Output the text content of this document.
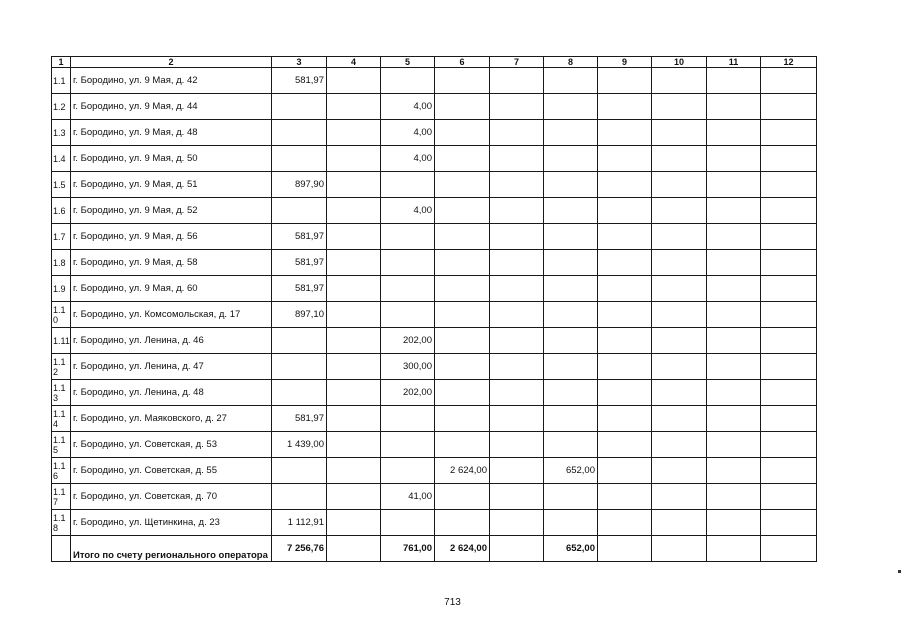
1	2	3	4	5	6	7	8	9	10	11	12
1.1	г. Бородино, ул. 9 Мая, д. 42	581,97									
1.2	г. Бородино, ул. 9 Мая, д. 44			4,00							
1.3	г. Бородино, ул. 9 Мая, д. 48			4,00							
1.4	г. Бородино, ул. 9 Мая, д. 50			4,00							
1.5	г. Бородино, ул. 9 Мая, д. 51	897,90									
1.6	г. Бородино, ул. 9 Мая, д. 52			4,00							
1.7	г. Бородино, ул. 9 Мая, д. 56	581,97									
1.8	г. Бородино, ул. 9 Мая, д. 58	581,97									
1.9	г. Бородино, ул. 9 Мая, д. 60	581,97									
1.10	г. Бородино, ул. Комсомольская, д. 17	897,10									
1.11	г. Бородино, ул. Ленина, д. 46			202,00							
1.12	г. Бородино, ул. Ленина, д. 47			300,00							
1.13	г. Бородино, ул. Ленина, д. 48			202,00							
1.14	г. Бородино, ул. Маяковского, д. 27	581,97									
1.15	г. Бородино, ул. Советская, д. 53	1 439,00									
1.16	г. Бородино, ул. Советская, д. 55				2 624,00		652,00				
1.17	г. Бородино, ул. Советская, д. 70			41,00							
1.18	г. Бородино, ул. Щетинкина, д. 23	1 112,91									
	Итого по счету регионального оператора	7 256,76		761,00	2 624,00		652,00				
713
